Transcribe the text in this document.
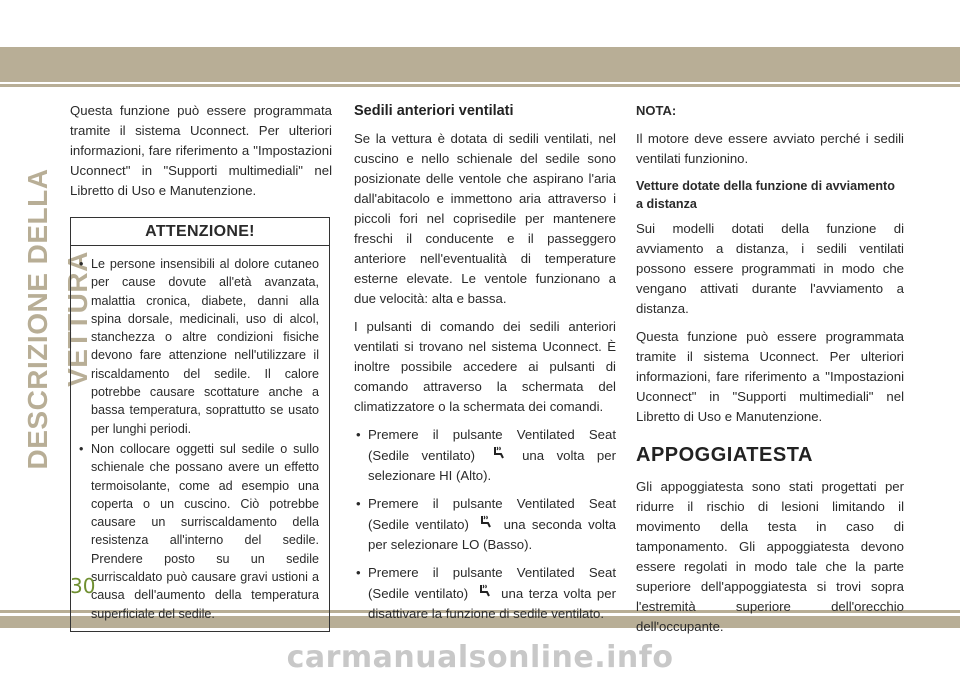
DESCRIZIONE DELLA VETTURA

Questa funzione può essere programmata tramite il sistema Uconnect. Per ulteriori informazioni, fare riferimento a "Impostazioni Uconnect" in "Supporti multimediali" nel Libretto di Uso e Manutenzione.

ATTENZIONE!
• Le persone insensibili al dolore cutaneo per cause dovute all'età avanzata, malattia cronica, diabete, danni alla spina dorsale, medicinali, uso di alcol, stanchezza o altre condizioni fisiche devono fare attenzione nell'utilizzare il riscaldamento del sedile. Il calore potrebbe causare scottature anche a bassa temperatura, soprattutto se usato per lunghi periodi.
• Non collocare oggetti sul sedile o sullo schienale che possano avere un effetto termoisolante, come ad esempio una coperta o un cuscino. Ciò potrebbe causare un surriscaldamento della resistenza all'interno del sedile. Prendere posto su un sedile surriscaldato può causare gravi ustioni a causa dell'aumento della temperatura superficiale del sedile.
Sedili anteriori ventilati

Se la vettura è dotata di sedili ventilati, nel cuscino e nello schienale del sedile sono posizionate delle ventole che aspirano l'aria dall'abitacolo e immettono aria attraverso i piccoli fori nel coprisedile per mantenere freschi il conducente e il passeggero anteriore nell'eventualità di temperature esterne elevate. Le ventole funzionano a due velocità: alta e bassa.

I pulsanti di comando dei sedili anteriori ventilati si trovano nel sistema Uconnect. È inoltre possibile accedere ai pulsanti di comando attraverso la schermata del climatizzatore o la schermata dei comandi.

• Premere il pulsante Ventilated Seat (Sedile ventilato)	una volta per selezionare HI (Alto).
• Premere il pulsante Ventilated Seat (Sedile ventilato)	una seconda volta per selezionare LO (Basso).
• Premere il pulsante Ventilated Seat (Sedile ventilato)	una terza volta per disattivare la funzione di sedile ventilato.

NOTA:

Il motore deve essere avviato perché i sedili ventilati funzionino.

Vetture dotate della funzione di avviamento a distanza

Sui modelli dotati della funzione di avviamento a distanza, i sedili ventilati possono essere programmati in modo che vengano attivati durante l'avviamento a distanza.

Questa funzione può essere programmata tramite il sistema Uconnect. Per ulteriori informazioni, fare riferimento a "Impostazioni Uconnect" in "Supporti multimediali" nel Libretto di Uso e Manutenzione.

APPOGGIATESTA

Gli appoggiatesta sono stati progettati per ridurre il rischio di lesioni limitando il movimento della testa in caso di tamponamento. Gli appoggiatesta devono essere regolati in modo tale che la parte superiore dell'appoggiatesta si trovi sopra l'estremità superiore dell'orecchio dell'occupante.

30
carmanualsonline.info
